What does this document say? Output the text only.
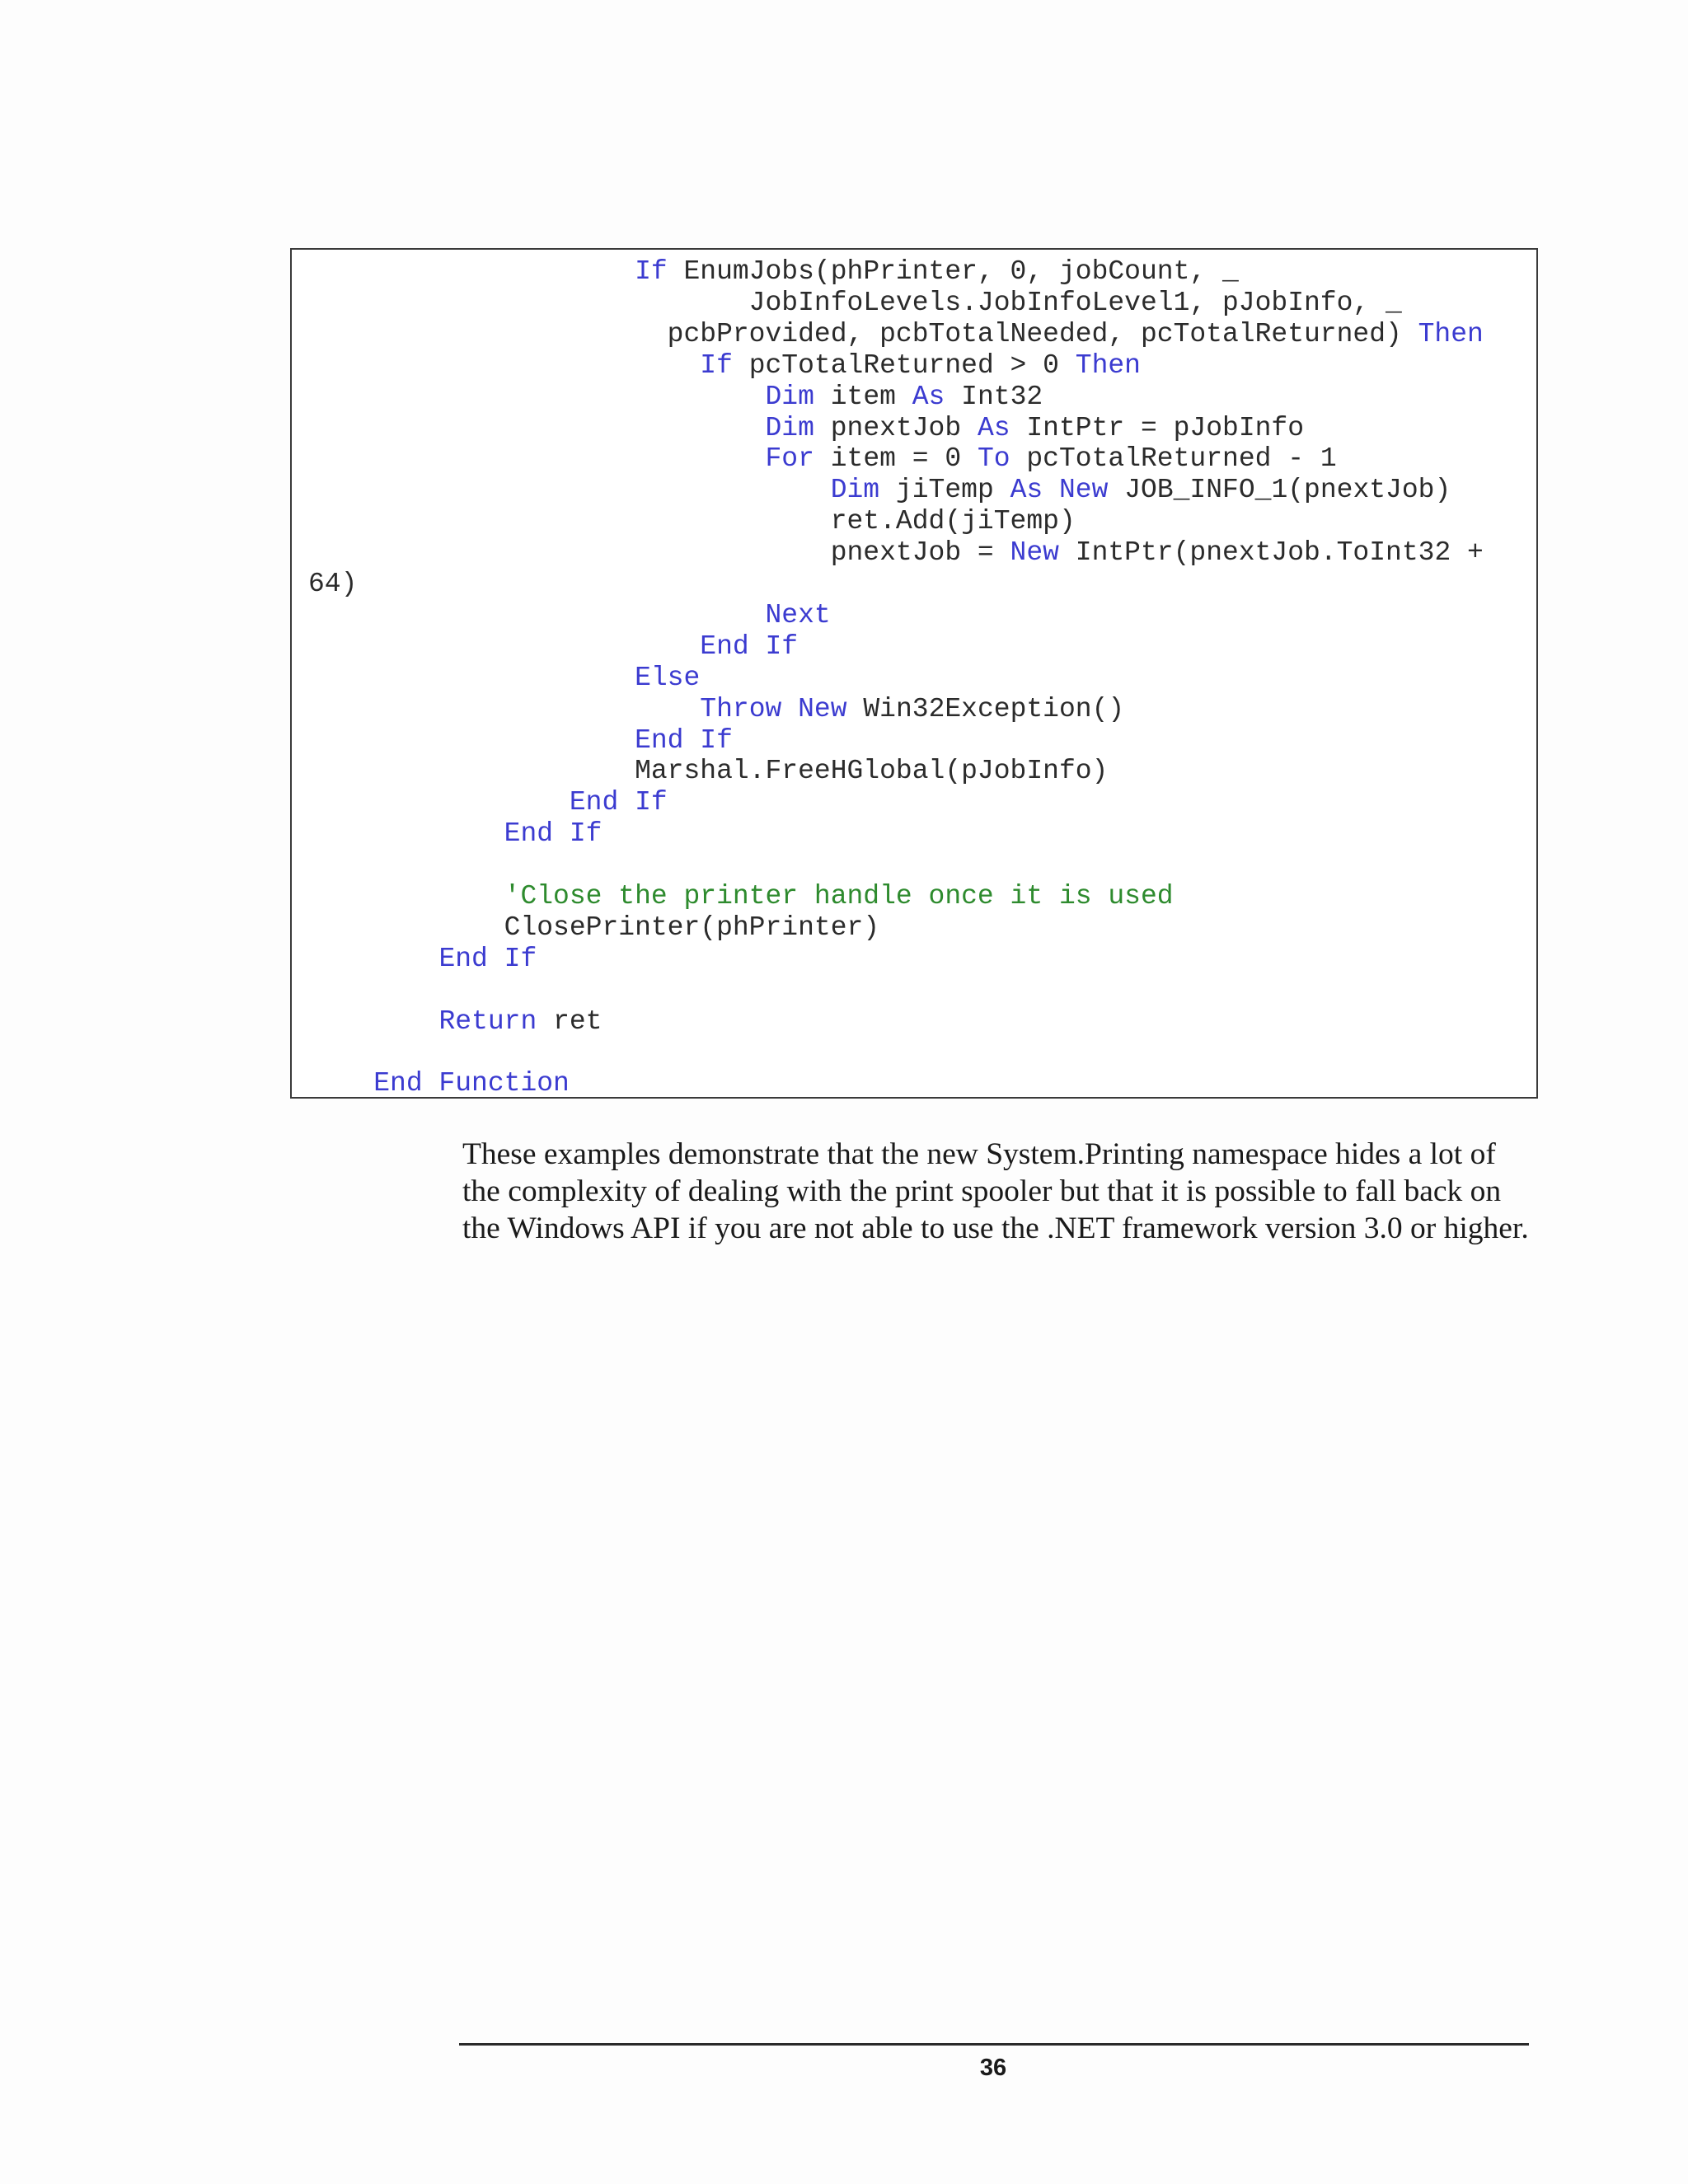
If EnumJobs(phPrinter, 0, jobCount, _
JobInfoLevels.JobInfoLevel1, pJobInfo, _
pcbProvided, pcbTotalNeeded, pcTotalReturned) Then
If pcTotalReturned > 0 Then
Dim item As Int32
Dim pnextJob As IntPtr = pJobInfo
For item = 0 To pcTotalReturned - 1
Dim jiTemp As New JOB_INFO_1(pnextJob)
ret.Add(jiTemp)
pnextJob = New IntPtr(pnextJob.ToInt32 +
64)
Next
End If
Else
Throw New Win32Exception()
End If
Marshal.FreeHGlobal(pJobInfo)
End If
End If
'Close the printer handle once it is used
ClosePrinter(phPrinter)
End If
Return ret
End Function

These examples demonstrate that the new System.Printing namespace hides a lot of the complexity of dealing with the print spooler but that it is possible to fall back on the Windows API if you are not able to use the .NET framework version 3.0 or higher.

36
